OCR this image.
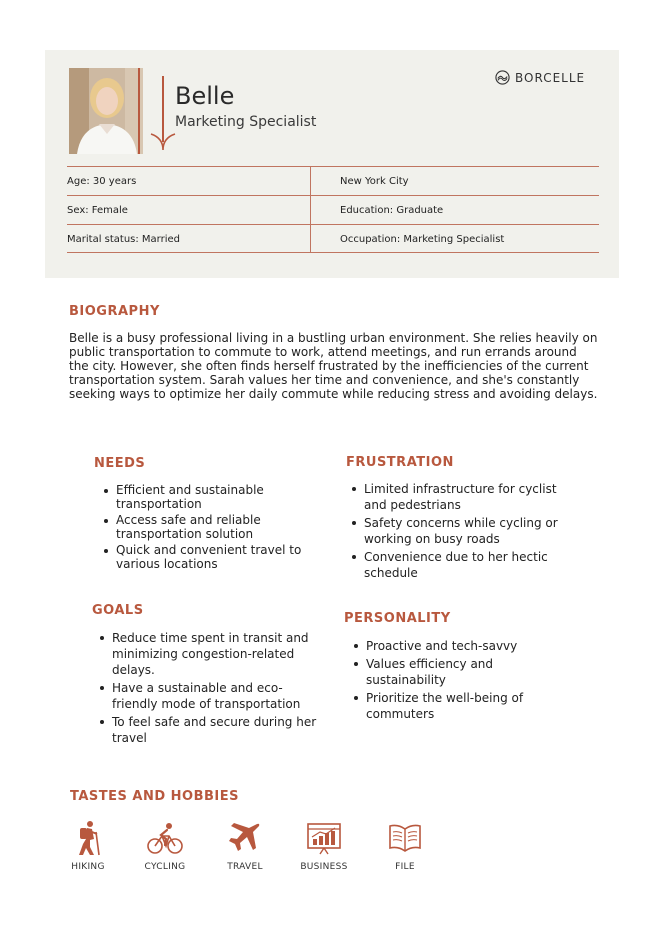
Belle
Marketing Specialist
BORCELLE
Age: 30 years	New York City
Sex: Female	Education: Graduate
Marital status: Married	Occupation: Marketing Specialist
BIOGRAPHY
Belle is a busy professional living in a bustling urban environment. She relies heavily on public transportation to commute to work, attend meetings, and run errands around the city. However, she often finds herself frustrated by the inefficiencies of the current transportation system. Sarah values her time and convenience, and she's constantly seeking ways to optimize her daily commute while reducing stress and avoiding delays.
NEEDS
Efficient and sustainable transportation
Access safe and reliable transportation solution
Quick and convenient travel to various locations
FRUSTRATION
Limited infrastructure for cyclist and pedestrians
Safety concerns while cycling or working on busy roads
Convenience due to her hectic schedule
GOALS
Reduce time spent in transit and minimizing congestion-related delays.
Have a sustainable and eco-friendly mode of transportation
To feel safe and secure during her travel
PERSONALITY
Proactive and tech-savvy
Values efficiency and sustainability
Prioritize the well-being of commuters
TASTES AND HOBBIES
HIKING	CYCLING	TRAVEL	BUSINESS	FILE
